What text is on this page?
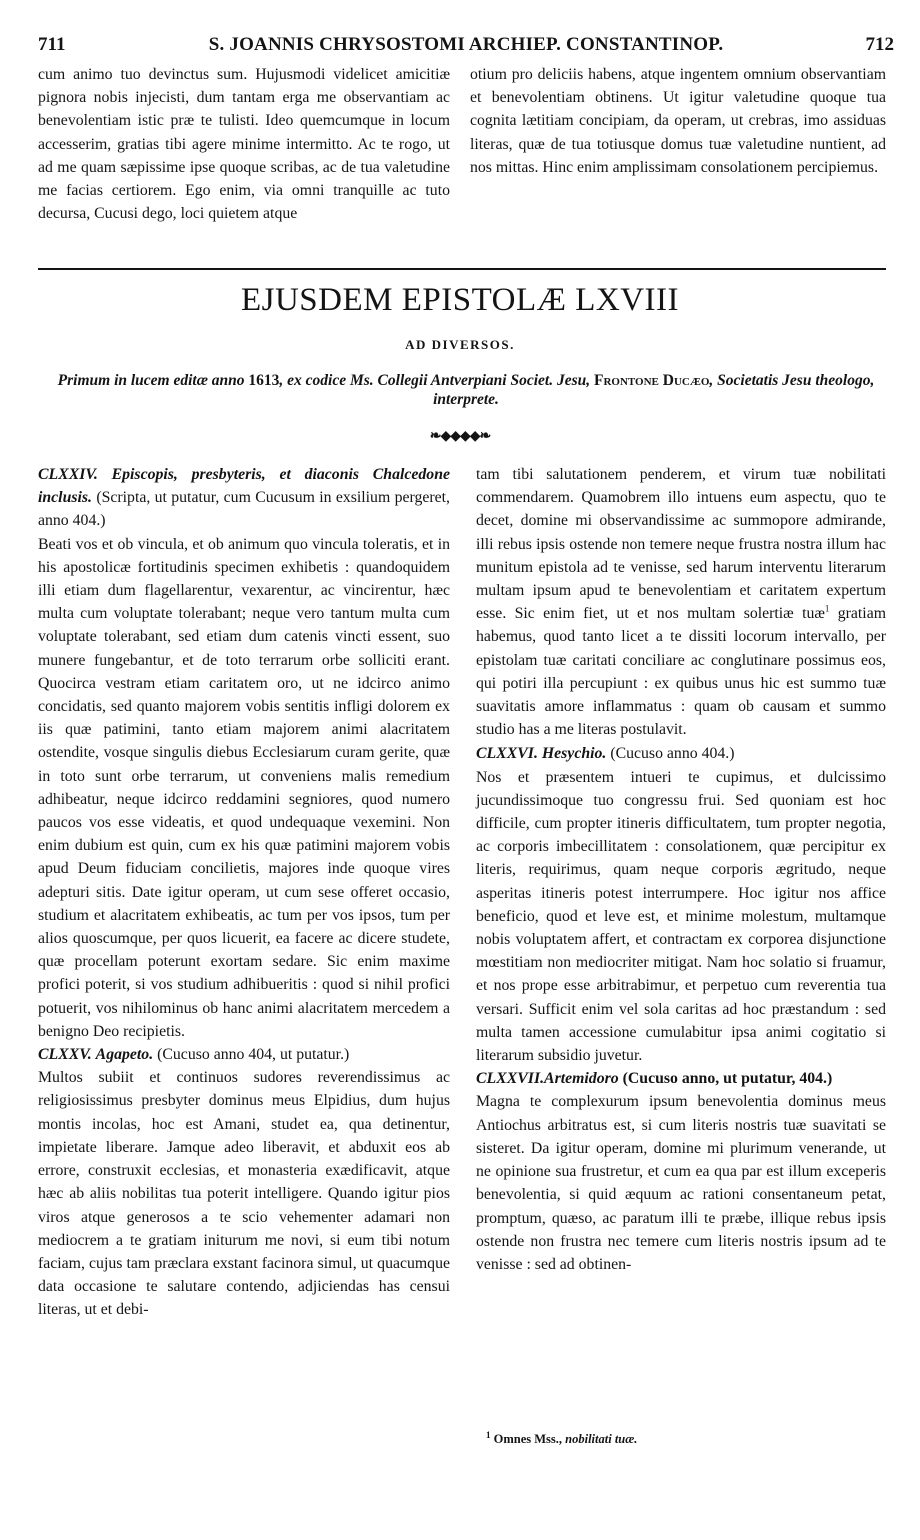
711	S. JOANNIS CHRYSOSTOMI ARCHIEP. CONSTANTINOP.	712

cum animo tuo devinctus sum. Hujusmodi videlicet amicitiæ pignora nobis injecisti, dum tantam erga me observantiam ac benevolentiam istic præ te tulisti. Ideo quemcumque in locum accesserim, gratias tibi agere minime intermitto. Ac te rogo, ut ad me quam sæpissime ipse quoque scribas, ac de tua valetudine me facias certiorem. Ego enim, via omni tranquille ac tuto decursa, Cucusi dego, loci quietem atque

otium pro deliciis habens, atque ingentem omnium observantiam et benevolentiam obtinens. Ut igitur valetudine quoque tua cognita lætitiam concipiam, da operam, ut crebras, imo assiduas literas, quæ de tua totiusque domus tuæ valetudine nuntient, ad nos mittas. Hinc enim amplissimam consolationem percipiemus.

EJUSDEM EPISTOLÆ LXVIII
AD DIVERSOS.
Primum in lucem editæ anno 1613, ex codice Ms. Collegii Antverpiani Societ. Jesu, Frontone Ducæo, Societatis Jesu theologo, interprete.
❧◆◆◆◆❧

CLXXIV. Episcopis, presbyteris, et diaconis Chalcedone inclusis. (Scripta, ut putatur, cum Cucusum in exsilium pergeret, anno 404.)

Beati vos et ob vincula, et ob animum quo vincula toleratis, et in his apostolicæ fortitudinis specimen exhibetis : quandoquidem illi etiam dum flagellarentur, vexarentur, ac vincirentur, hæc multa cum voluptate tolerabant; neque vero tantum multa cum voluptate tolerabant, sed etiam dum catenis vincti essent, suo munere fungebantur, et de toto terrarum orbe solliciti erant. Quocirca vestram etiam caritatem oro, ut ne idcirco animo concidatis, sed quanto majorem vobis sentitis infligi dolorem ex iis quæ patimini, tanto etiam majorem animi alacritatem ostendite, vosque singulis diebus Ecclesiarum curam gerite, quæ in toto sunt orbe terrarum, ut conveniens malis remedium adhibeatur, neque idcirco reddamini segniores, quod numero paucos vos esse videatis, et quod undequaque vexemini. Non enim dubium est quin, cum ex his quæ patimini majorem vobis apud Deum fiduciam concilietis, majores inde quoque vires adepturi sitis. Date igitur operam, ut cum sese offeret occasio, studium et alacritatem exhibeatis, ac tum per vos ipsos, tum per alios quoscumque, per quos licuerit, ea facere ac dicere studete, quæ procellam poterunt exortam sedare. Sic enim maxime profici poterit, si vos studium adhibueritis : quod si nihil profici potuerit, vos nihilominus ob hanc animi alacritatem mercedem a benigno Deo recipietis.

CLXXV. Agapeto. (Cucuso anno 404, ut putatur.)

Multos subiit et continuos sudores reverendissimus ac religiosissimus presbyter dominus meus Elpidius, dum hujus montis incolas, hoc est Amani, studet ea, qua detinentur, impietate liberare. Jamque adeo liberavit, et abduxit eos ab errore, construxit ecclesias, et monasteria exædificavit, atque hæc ab aliis nobilitas tua poterit intelligere. Quando igitur pios viros atque generosos a te scio vehementer adamari non mediocrem a te gratiam initurum me novi, si eum tibi notum faciam, cujus tam præclara exstant facinora simul, ut quacumque data occasione te salutare contendo, adjiciendas has censui literas, ut et debi-

tam tibi salutationem penderem, et virum tuæ nobilitati commendarem. Quamobrem illo intuens eum aspectu, quo te decet, domine mi observandissime ac summopore admirande, illi rebus ipsis ostende non temere neque frustra nostra illum hac munitum epistola ad te venisse, sed harum interventu literarum multam ipsum apud te benevolentiam et caritatem expertum esse. Sic enim fiet, ut et nos multam solertiæ tuæ$^1$ gratiam habemus, quod tanto licet a te dissiti locorum intervallo, per epistolam tuæ caritati conciliare ac conglutinare possimus eos, qui potiri illa percupiunt : ex quibus unus hic est summo tuæ suavitatis amore inflammatus : quam ob causam et summo studio has a me literas postulavit.

CLXXVI. Hesychio. (Cucuso anno 404.)

Nos et præsentem intueri te cupimus, et dulcissimo jucundissimoque tuo congressu frui. Sed quoniam est hoc difficile, cum propter itineris difficultatem, tum propter negotia, ac corporis imbecillitatem : consolationem, quæ percipitur ex literis, requirimus, quam neque corporis ægritudo, neque asperitas itineris potest interrumpere. Hoc igitur nos affice beneficio, quod et leve est, et minime molestum, multamque nobis voluptatem affert, et contractam ex corporea disjunctione mœstitiam non mediocriter mitigat. Nam hoc solatio si fruamur, et nos prope esse arbitrabimur, et perpetuo cum reverentia tua versari. Sufficit enim vel sola caritas ad hoc præstandum : sed multa tamen accessione cumulabitur ipsa animi cogitatio si literarum subsidio juvetur.

CLXXVII.Artemidoro (Cucuso anno, ut putatur, 404.)

Magna te complexurum ipsum benevolentia dominus meus Antiochus arbitratus est, si cum literis nostris tuæ suavitati se sisteret. Da igitur operam, domine mi plurimum venerande, ut ne opinione sua frustretur, et cum ea qua par est illum exceperis benevolentia, si quid æquum ac rationi consentaneum petat, promptum, quæso, ac paratum illi te præbe, illique rebus ipsis ostende non frustra nec temere cum literis nostris ipsum ad te venisse : sed ad obtinen-

$^1$ Omnes Mss., nobilitati tuæ.
